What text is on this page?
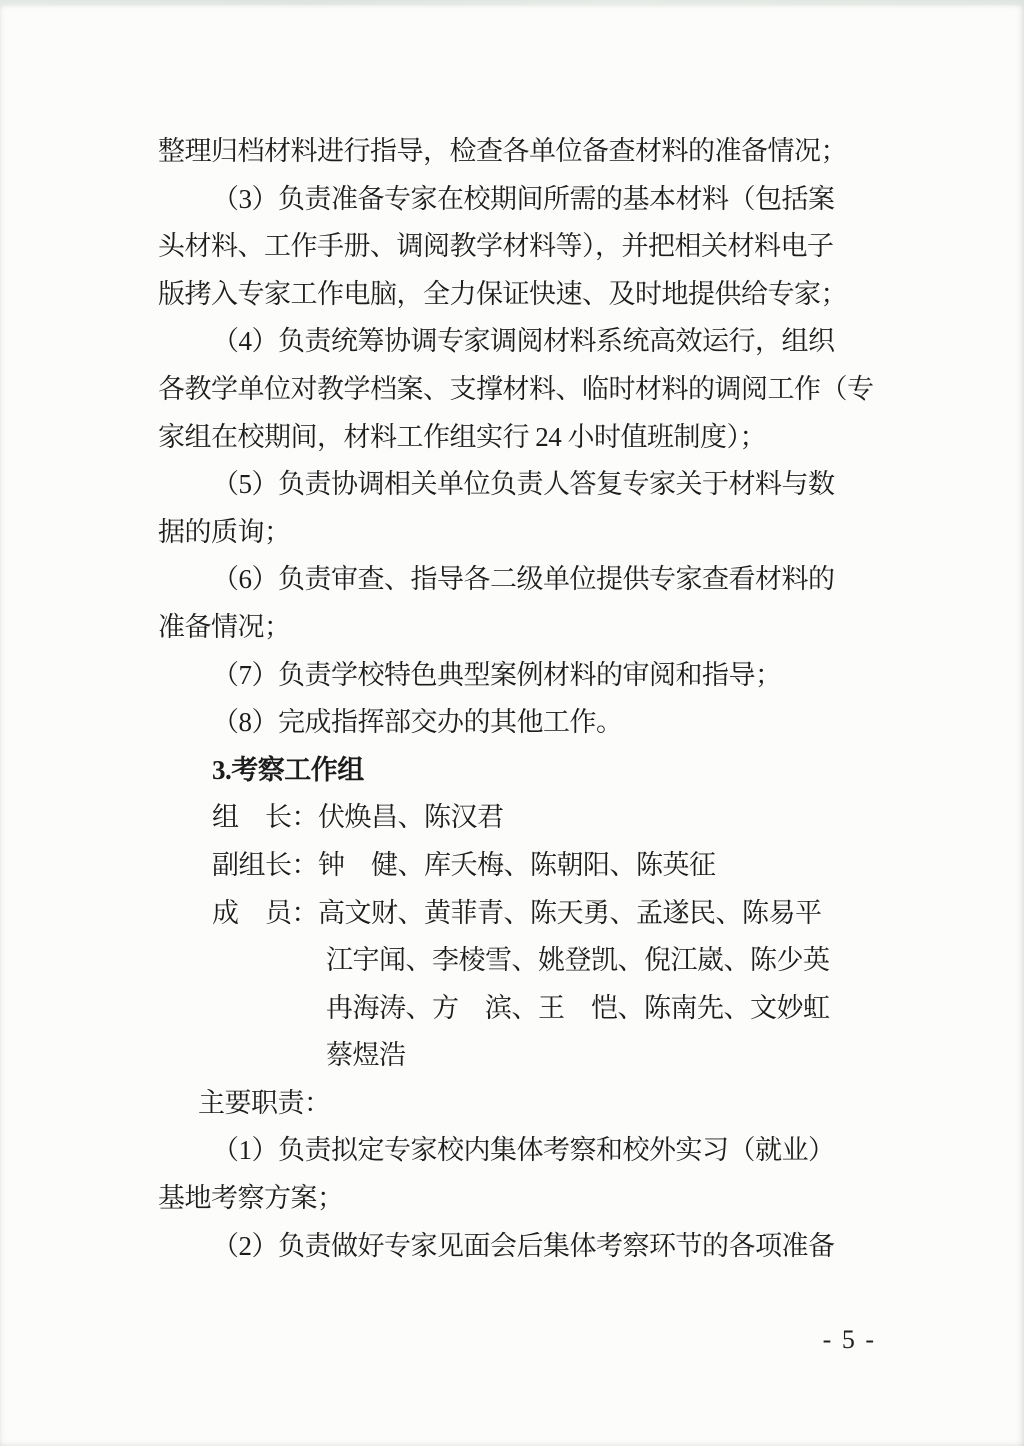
整理归档材料进行指导，检查各单位备查材料的准备情况；
（3）负责准备专家在校期间所需的基本材料（包括案
头材料、工作手册、调阅教学材料等），并把相关材料电子
版拷入专家工作电脑，全力保证快速、及时地提供给专家；
（4）负责统筹协调专家调阅材料系统高效运行，组织
各教学单位对教学档案、支撑材料、临时材料的调阅工作（专
家组在校期间，材料工作组实行 24 小时值班制度）；
（5）负责协调相关单位负责人答复专家关于材料与数
据的质询；
（6）负责审查、指导各二级单位提供专家查看材料的
准备情况；
（7）负责学校特色典型案例材料的审阅和指导；
（8）完成指挥部交办的其他工作。
3.考察工作组
组　长：伏焕昌、陈汉君
副组长：钟　健、库夭梅、陈朝阳、陈英征
成　员：高文财、黄菲青、陈天勇、孟遂民、陈易平
江宇闻、李棱雪、姚登凯、倪江崴、陈少英
冉海涛、方　滨、王　恺、陈南先、文妙虹
蔡煜浩
主要职责：
（1）负责拟定专家校内集体考察和校外实习（就业）
基地考察方案；
（2）负责做好专家见面会后集体考察环节的各项准备
- 5 -
